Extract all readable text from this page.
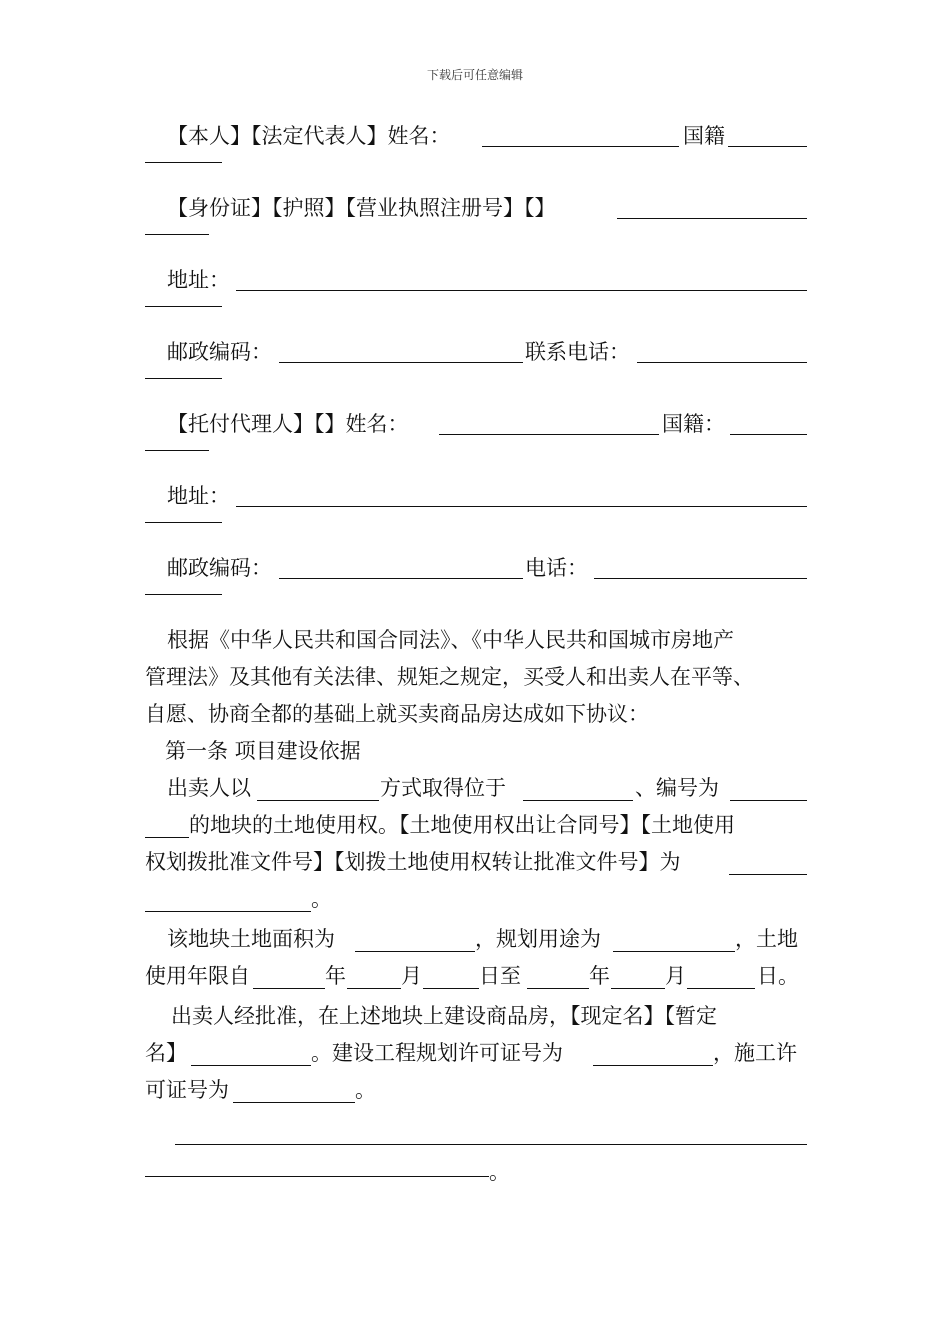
下载后可任意编辑
【本人】【法定代表人】姓名：	国籍
【身份证】【护照】【营业执照注册号】【】
地址：
邮政编码：	联系电话：
【托付代理人】【】姓名：	国籍：
地址：
邮政编码：	电话：
根据《中华人民共和国合同法》、《中华人民共和国城市房地产
管理法》及其他有关法律、规矩之规定，买受人和出卖人在平等、
自愿、协商全都的基础上就买卖商品房达成如下协议：
第一条 项目建设依据
出卖人以	方式取得位于	、编号为
的地块的土地使用权。【土地使用权出让合同号】【土地使用
权划拨批准文件号】【划拨土地使用权转让批准文件号】为
。
该地块土地面积为	，规划用途为	，土地
使用年限自	年	月	日至	年	月	日。
出卖人经批准，在上述地块上建设商品房，【现定名】【暂定
名】	。建设工程规划许可证号为	，施工许
可证号为	。
。
